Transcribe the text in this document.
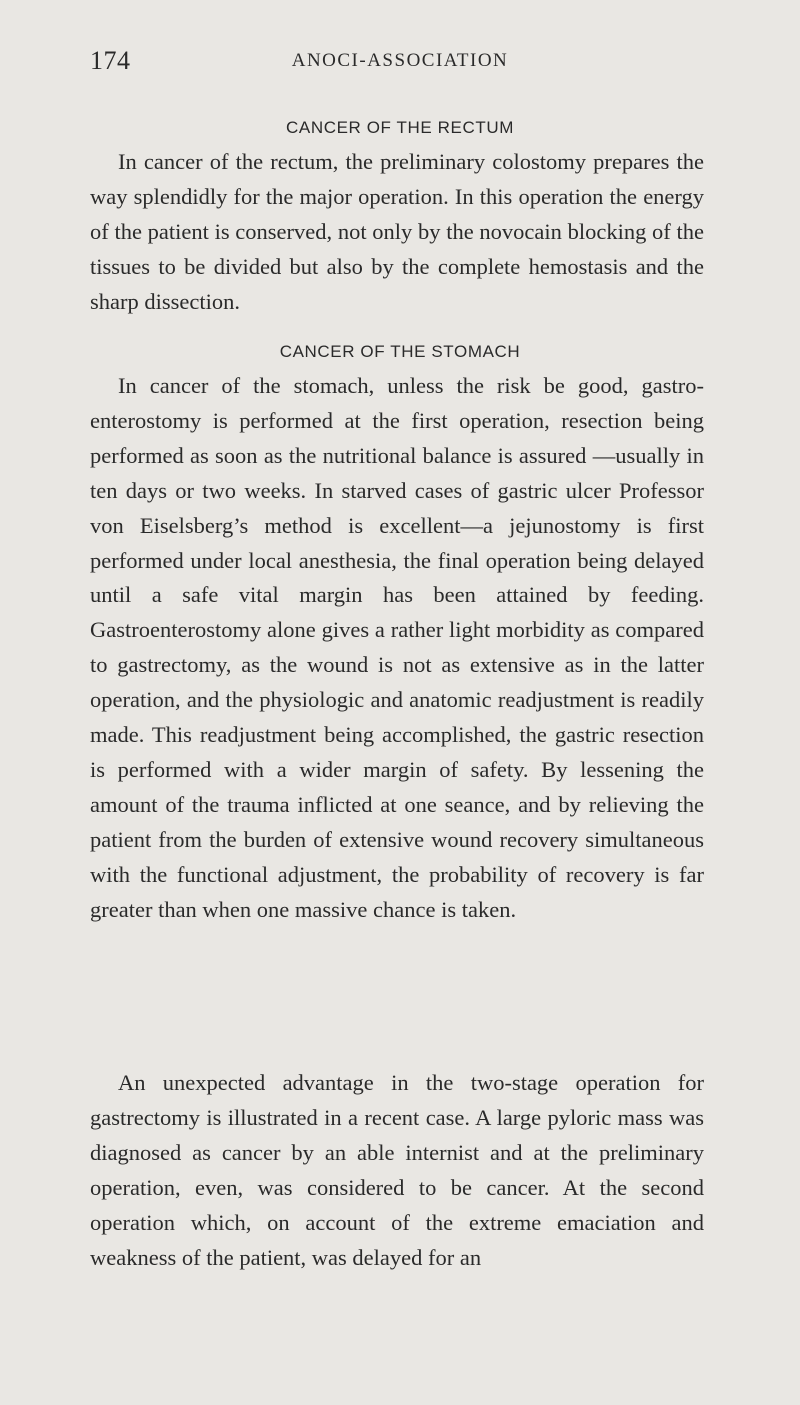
174	ANOCI-ASSOCIATION
CANCER OF THE RECTUM

In cancer of the rectum, the preliminary colostomy prepares the way splendidly for the major operation. In this operation the energy of the patient is conserved, not only by the novocain blocking of the tissues to be divided but also by the complete hemostasis and the sharp dissection.

CANCER OF THE STOMACH

In cancer of the stomach, unless the risk be good, gastro-enterostomy is performed at the first operation, resection being performed as soon as the nutritional balance is assured —usually in ten days or two weeks. In starved cases of gastric ulcer Professor von Eiselsberg’s method is excellent—a jejunostomy is first performed under local anesthesia, the final operation being delayed until a safe vital margin has been attained by feeding. Gastroenterostomy alone gives a rather light morbidity as compared to gastrectomy, as the wound is not as extensive as in the latter operation, and the physiologic and anatomic readjustment is readily made. This readjustment being accomplished, the gastric resection is performed with a wider margin of safety. By lessening the amount of the trauma inflicted at one seance, and by relieving the patient from the burden of extensive wound recovery simultaneous with the functional adjustment, the probability of recovery is far greater than when one massive chance is taken.

An unexpected advantage in the two-stage operation for gastrectomy is illustrated in a recent case. A large pyloric mass was diagnosed as cancer by an able internist and at the preliminary operation, even, was considered to be cancer. At the second operation which, on account of the extreme emaciation and weakness of the patient, was delayed for an
